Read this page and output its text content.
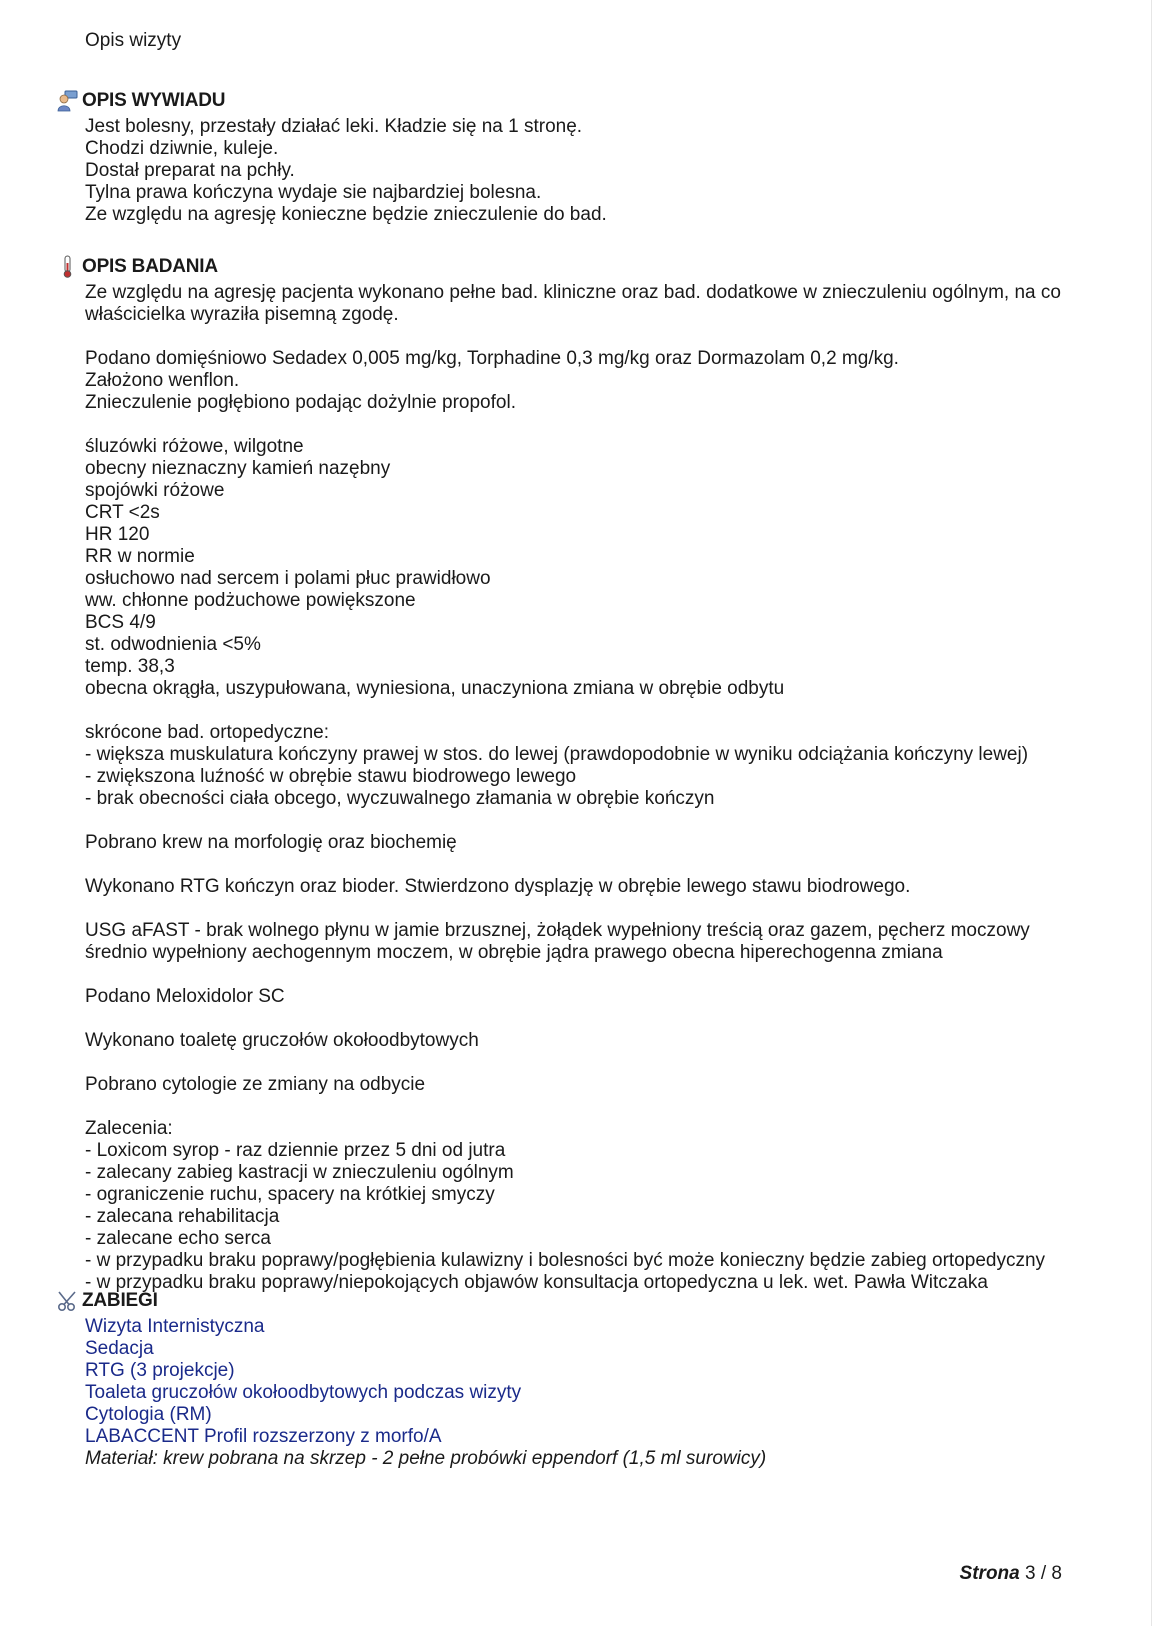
Opis wizyty
OPIS WYWIADU
Jest bolesny, przestały działać leki. Kładzie się na 1 stronę.
Chodzi dziwnie, kuleje.
Dostał preparat na pchły.
Tylna prawa kończyna wydaje sie najbardziej bolesna.
Ze względu na agresję konieczne będzie znieczulenie do bad.
OPIS BADANIA
Ze względu na agresję pacjenta wykonano pełne bad. kliniczne oraz bad. dodatkowe w znieczuleniu ogólnym, na co
właścicielka wyraziła pisemną zgodę.
Podano domięśniowo Sedadex 0,005 mg/kg, Torphadine 0,3 mg/kg oraz Dormazolam 0,2 mg/kg.
Założono wenflon.
Znieczulenie pogłębiono podając dożylnie propofol.
śluzówki różowe, wilgotne
obecny nieznaczny kamień nazębny
spojówki różowe
CRT <2s
HR 120
RR w normie
osłuchowo nad sercem i polami płuc prawidłowo
ww. chłonne podżuchowe powiększone
BCS 4/9
st. odwodnienia <5%
temp. 38,3
obecna okrągła, uszypułowana, wyniesiona, unaczyniona zmiana w obrębie odbytu
skrócone bad. ortopedyczne:
- większa muskulatura kończyny prawej w stos. do lewej (prawdopodobnie w wyniku odciążania kończyny lewej)
- zwiększona luźność w obrębie stawu biodrowego lewego
- brak obecności ciała obcego, wyczuwalnego złamania w obrębie kończyn
Pobrano krew na morfologię oraz biochemię
Wykonano RTG kończyn oraz bioder. Stwierdzono dysplazję w obrębie lewego stawu biodrowego.
USG aFAST - brak wolnego płynu w jamie brzusznej, żołądek wypełniony treścią oraz gazem, pęcherz moczowy
średnio wypełniony aechogennym moczem, w obrębie jądra prawego obecna hiperechogenna zmiana
Podano Meloxidolor SC
Wykonano toaletę gruczołów okołoodbytowych
Pobrano cytologie ze zmiany na odbycie
Zalecenia:
- Loxicom syrop - raz dziennie przez 5 dni od jutra
- zalecany zabieg kastracji w znieczuleniu ogólnym
- ograniczenie ruchu, spacery na krótkiej smyczy
- zalecana rehabilitacja
- zalecane echo serca
- w przypadku braku poprawy/pogłębienia kulawizny i bolesności być może konieczny będzie zabieg ortopedyczny
- w przypadku braku poprawy/niepokojących objawów konsultacja ortopedyczna u lek. wet. Pawła Witczaka
ZABIEGI
Wizyta Internistyczna
Sedacja
RTG (3 projekcje)
Toaleta gruczołów okołoodbytowych podczas wizyty
Cytologia (RM)
LABACCENT Profil rozszerzony z morfo/A
Materiał: krew pobrana na skrzep - 2 pełne probówki eppendorf (1,5 ml surowicy)
Strona 3 / 8
